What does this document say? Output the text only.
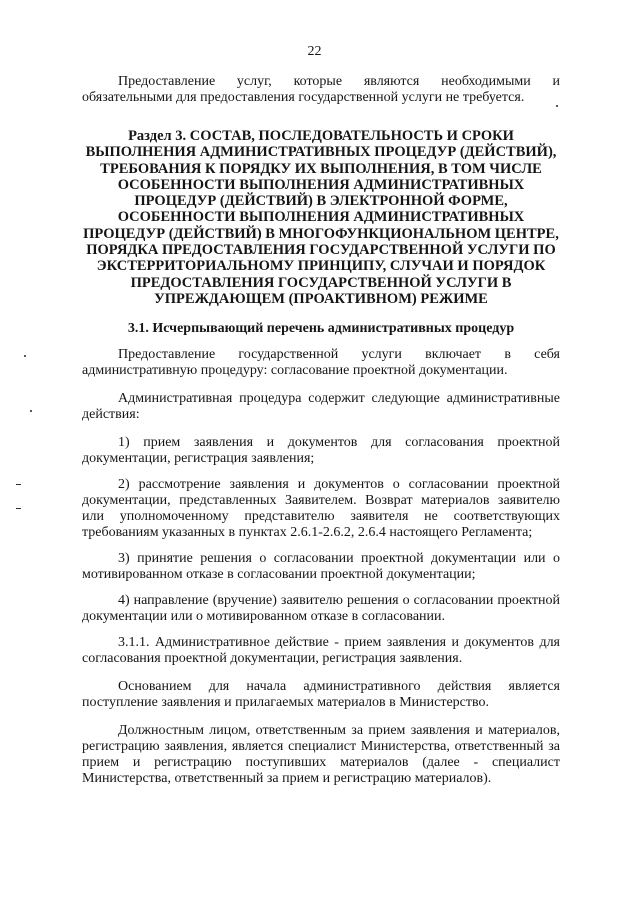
22

Предоставление услуг, которые являются необходимыми и обязательными для предоставления государственной услуги не требуется.

Раздел 3. СОСТАВ, ПОСЛЕДОВАТЕЛЬНОСТЬ И СРОКИ ВЫПОЛНЕНИЯ АДМИНИСТРАТИВНЫХ ПРОЦЕДУР (ДЕЙСТВИЙ), ТРЕБОВАНИЯ К ПОРЯДКУ ИХ ВЫПОЛНЕНИЯ, В ТОМ ЧИСЛЕ ОСОБЕННОСТИ ВЫПОЛНЕНИЯ АДМИНИСТРАТИВНЫХ ПРОЦЕДУР (ДЕЙСТВИЙ) В ЭЛЕКТРОННОЙ ФОРМЕ, ОСОБЕННОСТИ ВЫПОЛНЕНИЯ АДМИНИСТРАТИВНЫХ ПРОЦЕДУР (ДЕЙСТВИЙ) В МНОГОФУНКЦИОНАЛЬНОМ ЦЕНТРЕ, ПОРЯДКА ПРЕДОСТАВЛЕНИЯ ГОСУДАРСТВЕННОЙ УСЛУГИ ПО ЭКСТЕРРИТОРИАЛЬНОМУ ПРИНЦИПУ, СЛУЧАИ И ПОРЯДОК ПРЕДОСТАВЛЕНИЯ ГОСУДАРСТВЕННОЙ УСЛУГИ В УПРЕЖДАЮЩЕМ (ПРОАКТИВНОМ) РЕЖИМЕ
3.1. Исчерпывающий перечень административных процедур

Предоставление государственной услуги включает в себя административную процедуру: согласование проектной документации.

Административная процедура содержит следующие административные действия:

1) прием заявления и документов для согласования проектной документации, регистрация заявления;

2) рассмотрение заявления и документов о согласовании проектной документации, представленных Заявителем. Возврат материалов заявителю или уполномоченному представителю заявителя не соответствующих требованиям указанных в пунктах 2.6.1-2.6.2, 2.6.4 настоящего Регламента;

3) принятие решения о согласовании проектной документации или о мотивированном отказе в согласовании проектной документации;

4) направление (вручение) заявителю решения о согласовании проектной документации или о мотивированном отказе в согласовании.

3.1.1. Административное действие - прием заявления и документов для согласования проектной документации, регистрация заявления.

Основанием для начала административного действия является поступление заявления и прилагаемых материалов в Министерство.

Должностным лицом, ответственным за прием заявления и материалов, регистрацию заявления, является специалист Министерства, ответственный за прием и регистрацию поступивших материалов (далее - специалист Министерства, ответственный за прием и регистрацию материалов).
